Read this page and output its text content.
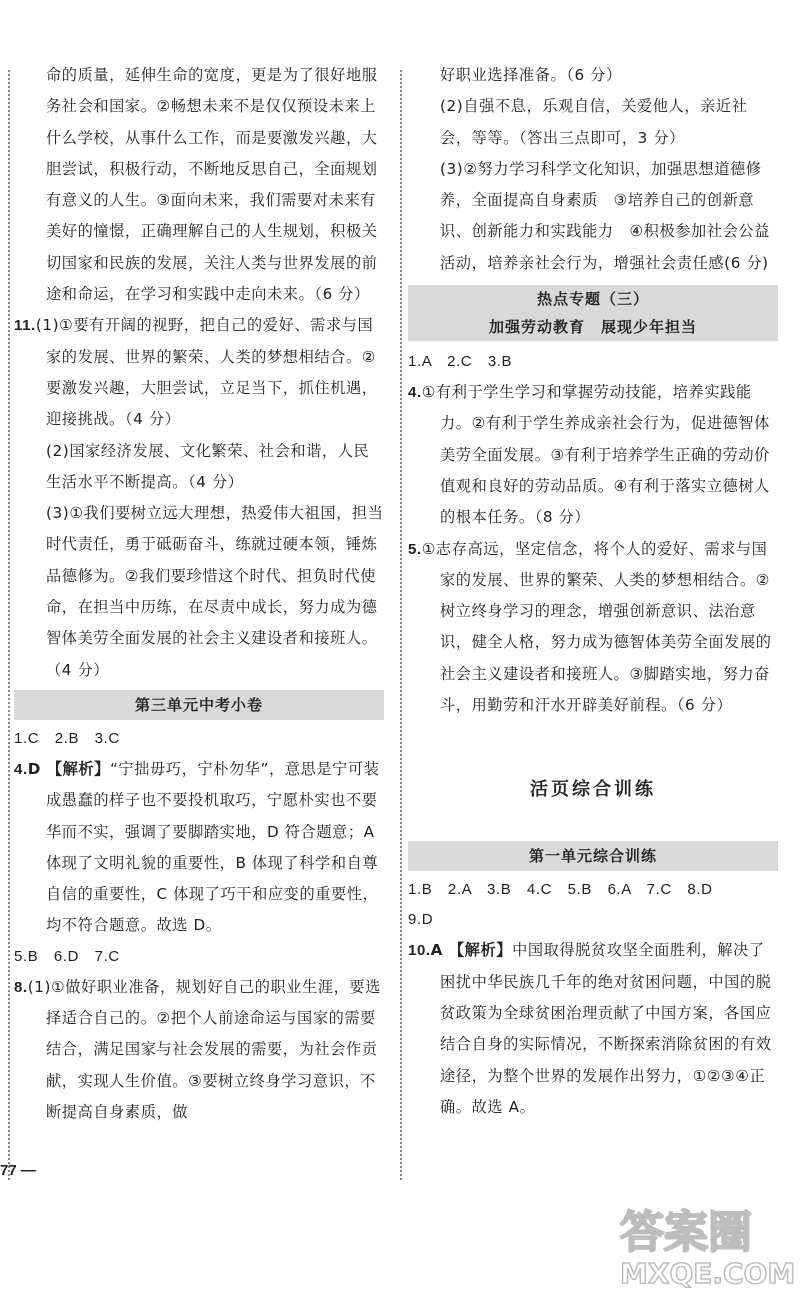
命的质量，延伸生命的宽度，更是为了很好地服务社会和国家。②畅想未来不是仅仅预设未来上什么学校，从事什么工作，而是要激发兴趣，大胆尝试，积极行动，不断地反思自己，全面规划有意义的人生。③面向未来，我们需要对未来有美好的憧憬，正确理解自己的人生规划，积极关切国家和民族的发展，关注人类与世界发展的前途和命运，在学习和实践中走向未来。（6 分）

11.(1)①要有开阔的视野，把自己的爱好、需求与国家的发展、世界的繁荣、人类的梦想相结合。②要激发兴趣，大胆尝试，立足当下，抓住机遇，迎接挑战。（4 分）

(2)国家经济发展、文化繁荣、社会和谐，人民生活水平不断提高。（4 分）

(3)①我们要树立远大理想，热爱伟大祖国，担当时代责任，勇于砥砺奋斗，练就过硬本领，锤炼品德修为。②我们要珍惜这个时代、担负时代使命，在担当中历练，在尽责中成长，努力成为德智体美劳全面发展的社会主义建设者和接班人。（4 分）

第三单元中考小卷

1.C　2.B　3.C

4.D 【解析】“宁拙毋巧，宁朴勿华”，意思是宁可装成愚蠢的样子也不要投机取巧，宁愿朴实也不要华而不实，强调了要脚踏实地，D 符合题意；A 体现了文明礼貌的重要性，B 体现了科学和自尊自信的重要性，C 体现了巧干和应变的重要性，均不符合题意。故选 D。

5.B　6.D　7.C

8.(1)①做好职业准备，规划好自己的职业生涯，要选择适合自己的。②把个人前途命运与国家的需要结合，满足国家与社会发展的需要，为社会作贡献，实现人生价值。③要树立终身学习意识，不断提高自身素质，做

好职业选择准备。（6 分）

(2)自强不息，乐观自信，关爱他人，亲近社会，等等。（答出三点即可，3 分）

(3)②努力学习科学文化知识，加强思想道德修养，全面提高自身素质　③培养自己的创新意识、创新能力和实践能力　④积极参加社会公益活动，培养亲社会行为，增强社会责任感(6 分)

热点专题（三）
加强劳动教育　展现少年担当

1.A　2.C　3.B

4.①有利于学生学习和掌握劳动技能，培养实践能力。②有利于学生养成亲社会行为，促进德智体美劳全面发展。③有利于培养学生正确的劳动价值观和良好的劳动品质。④有利于落实立德树人的根本任务。（8 分）

5.①志存高远，坚定信念，将个人的爱好、需求与国家的发展、世界的繁荣、人类的梦想相结合。②树立终身学习的理念，增强创新意识、法治意识，健全人格，努力成为德智体美劳全面发展的社会主义建设者和接班人。③脚踏实地，努力奋斗，用勤劳和汗水开辟美好前程。（6 分）

活页综合训练
第一单元综合训练

1.B　2.A　3.B　4.C　5.B　6.A　7.C　8.D

9.D

10.A 【解析】中国取得脱贫攻坚全面胜利，解决了困扰中华民族几千年的绝对贫困问题，中国的脱贫政策为全球贫困治理贡献了中国方案，各国应结合自身的实际情况，不断探索消除贫困的有效途径，为整个世界的发展作出努力，①②③④正确。故选 A。

77 —
答案圈
MXQE.COM
